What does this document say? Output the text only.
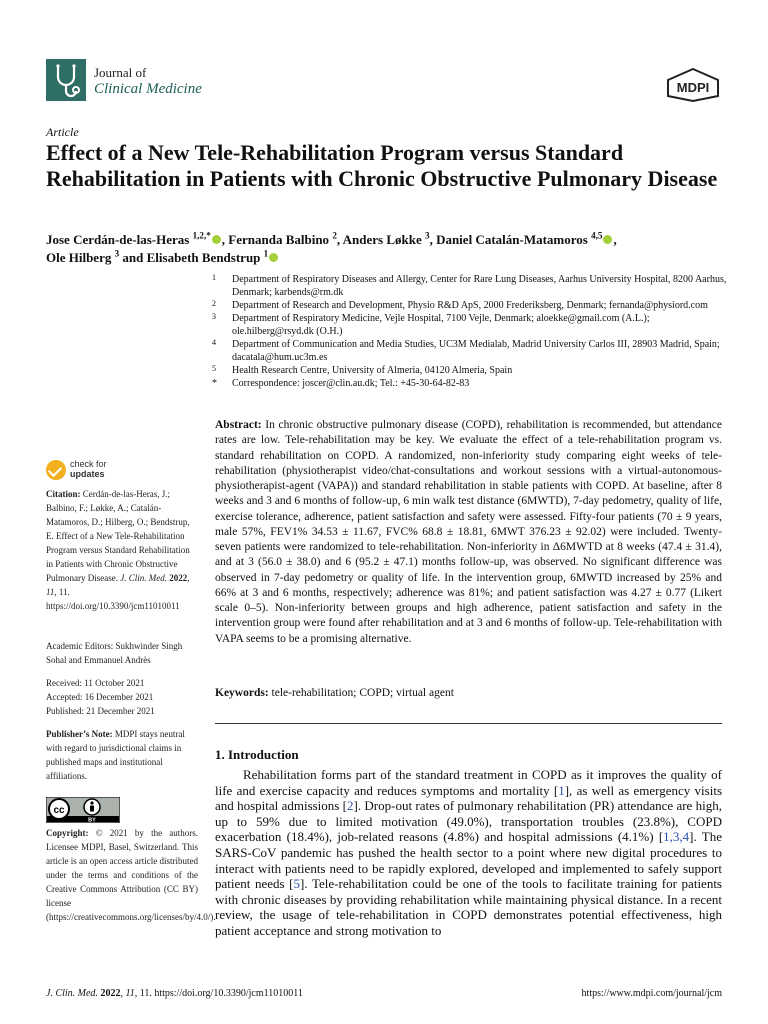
Journal of
Clinical Medicine	MDPI
Article
Effect of a New Tele-Rehabilitation Program versus Standard Rehabilitation in Patients with Chronic Obstructive Pulmonary Disease
Jose Cerdán-de-las-Heras $^{1,2,*}$ , Fernanda Balbino $^2$, Anders Løkke $^3$, Daniel Catalán-Matamoros $^{4,5}$ ,
Ole Hilberg $^3$ and Elisabeth Bendstrup $^1$

1 Department of Respiratory Diseases and Allergy, Center for Rare Lung Diseases, Aarhus University Hospital, 8200 Aarhus, Denmark; karbends@rm.dk

2 Department of Research and Development, Physio R&D ApS, 2000 Frederiksberg, Denmark; fernanda@physiord.com

3 Department of Respiratory Medicine, Vejle Hospital, 7100 Vejle, Denmark; aloekke@gmail.com (A.L.); ole.hilberg@rsyd.dk (O.H.)

4 Department of Communication and Media Studies, UC3M Medialab, Madrid University Carlos III, 28903 Madrid, Spain; dacatala@hum.uc3m.es

5 Health Research Centre, University of Almeria, 04120 Almeria, Spain

* Correspondence: joscer@clin.au.dk; Tel.: +45-30-64-82-83

Abstract: In chronic obstructive pulmonary disease (COPD), rehabilitation is recommended, but attendance rates are low. Tele-rehabilitation may be key. We evaluate the effect of a tele-rehabilitation program vs. standard rehabilitation on COPD. A randomized, non-inferiority study comparing eight weeks of tele-rehabilitation (physiotherapist video/chat-consultations and workout sessions with a virtual-autonomous-physiotherapist-agent (VAPA)) and standard rehabilitation in stable patients with COPD. At baseline, after 8 weeks and 3 and 6 months of follow-up, 6 min walk test distance (6MWTD), 7-day pedometry, quality of life, exercise tolerance, adherence, patient satisfaction and safety were assessed. Fifty-four patients (70 ± 9 years, male 57%, FEV1% 34.53 ± 11.67, FVC% 68.8 ± 18.81, 6MWT 376.23 ± 92.02) were included. Twenty-seven patients were randomized to tele-rehabilitation. Non-inferiority in Δ6MWTD at 8 weeks (47.4 ± 31.4), and at 3 (56.0 ± 38.0) and 6 (95.2 ± 47.1) months follow-up, was observed. No significant difference was observed in 7-day pedometry or quality of life. In the intervention group, 6MWTD increased by 25% and 66% at 3 and 6 months, respectively; adherence was 81%; and patient satisfaction was 4.27 ± 0.77 (Likert scale 0–5). Non-inferiority between groups and high adherence, patient satisfaction and safety in the intervention group were found after rehabilitation and at 3 and 6 months of follow-up. Tele-rehabilitation with VAPA seems to be a promising alternative.

Keywords: tele-rehabilitation; COPD; virtual agent
1. Introduction

Rehabilitation forms part of the standard treatment in COPD as it improves the quality of life and exercise capacity and reduces symptoms and mortality [1], as well as emergency visits and hospital admissions [2]. Drop-out rates of pulmonary rehabilitation (PR) attendance are high, up to 59% due to limited motivation (49.0%), transportation troubles (23.8%), COPD exacerbation (18.4%), job-related reasons (4.8%) and hospital admissions (4.1%) [1,3,4]. The SARS-CoV pandemic has pushed the health sector to a point where new digital procedures to interact with patients need to be rapidly explored, developed and implemented to safely support patient needs [5]. Tele-rehabilitation could be one of the tools to facilitate training for patients with chronic diseases by providing rehabilitation while maintaining physical distance. In a recent review, the usage of tele-rehabilitation in COPD demonstrates potential effectiveness, high patient acceptance and strong motivation to

check for
updates
Citation: Cerdán-de-las-Heras, J.; Balbino, F.; Løkke, A.; Catalán-Matamoros, D.; Hilberg, O.; Bendstrup, E. Effect of a New Tele-Rehabilitation Program versus Standard Rehabilitation in Patients with Chronic Obstructive Pulmonary Disease. J. Clin. Med. 2022, 11, 11. https://doi.org/10.3390/jcm11010011
Academic Editors: Sukhwinder Singh Sohal and Emmanuel Andrès
Received: 11 October 2021
Accepted: 16 December 2021
Published: 21 December 2021
Publisher’s Note: MDPI stays neutral with regard to jurisdictional claims in published maps and institutional affiliations.
cc
BY
Copyright: © 2021 by the authors. Licensee MDPI, Basel, Switzerland. This article is an open access article distributed under the terms and conditions of the Creative Commons Attribution (CC BY) license (https://creativecommons.org/licenses/by/4.0/).
J. Clin. Med. 2022, 11, 11. https://doi.org/10.3390/jcm11010011	https://www.mdpi.com/journal/jcm
